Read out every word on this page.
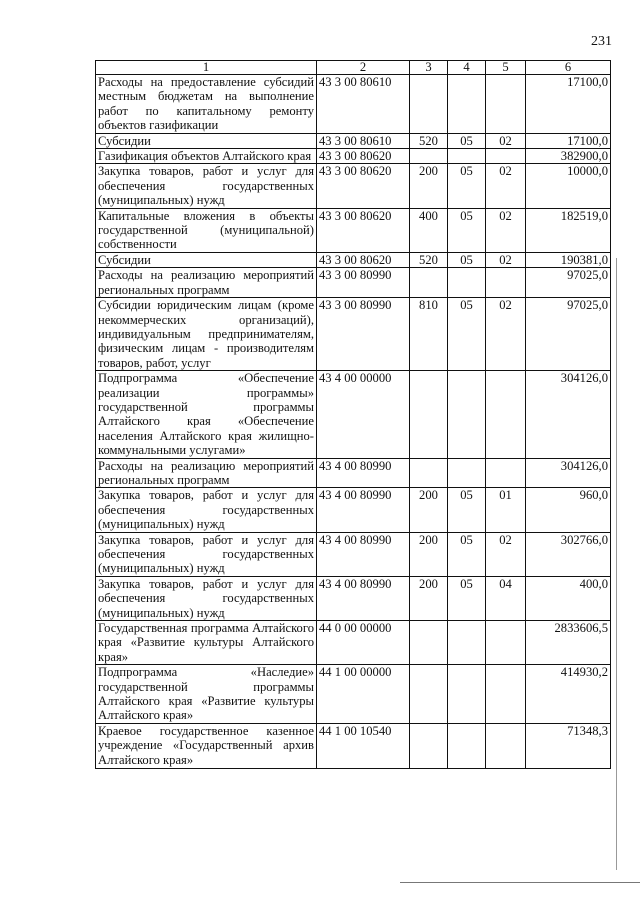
231
1	2	3	4	5	6
Расходы на предоставление субсидий местным бюджетам на выполнение работ по капитальному ремонту объектов газификации	43 3 00 80610				17100,0
Субсидии	43 3 00 80610	520	05	02	17100,0
Газификация объектов Алтайского края	43 3 00 80620				382900,0
Закупка товаров, работ и услуг для обеспечения государственных (муниципальных) нужд	43 3 00 80620	200	05	02	10000,0
Капитальные вложения в объекты государственной (муниципальной) собственности	43 3 00 80620	400	05	02	182519,0
Субсидии	43 3 00 80620	520	05	02	190381,0
Расходы на реализацию мероприятий региональных программ	43 3 00 80990				97025,0
Субсидии юридическим лицам (кроме некоммерческих организаций), индивидуальным предпринимателям, физическим лицам - производителям товаров, работ, услуг	43 3 00 80990	810	05	02	97025,0
Подпрограмма «Обеспечение реализации программы» государственной программы Алтайского края «Обеспечение населения Алтайского края жилищно-коммунальными услугами»	43 4 00 00000				304126,0
Расходы на реализацию мероприятий региональных программ	43 4 00 80990				304126,0
Закупка товаров, работ и услуг для обеспечения государственных (муниципальных) нужд	43 4 00 80990	200	05	01	960,0
Закупка товаров, работ и услуг для обеспечения государственных (муниципальных) нужд	43 4 00 80990	200	05	02	302766,0
Закупка товаров, работ и услуг для обеспечения государственных (муниципальных) нужд	43 4 00 80990	200	05	04	400,0
Государственная программа Алтайского края «Развитие культуры Алтайского края»	44 0 00 00000				2833606,5
Подпрограмма «Наследие» государственной программы Алтайского края «Развитие культуры Алтайского края»	44 1 00 00000				414930,2
Краевое государственное казенное учреждение «Государственный архив Алтайского края»	44 1 00 10540				71348,3
